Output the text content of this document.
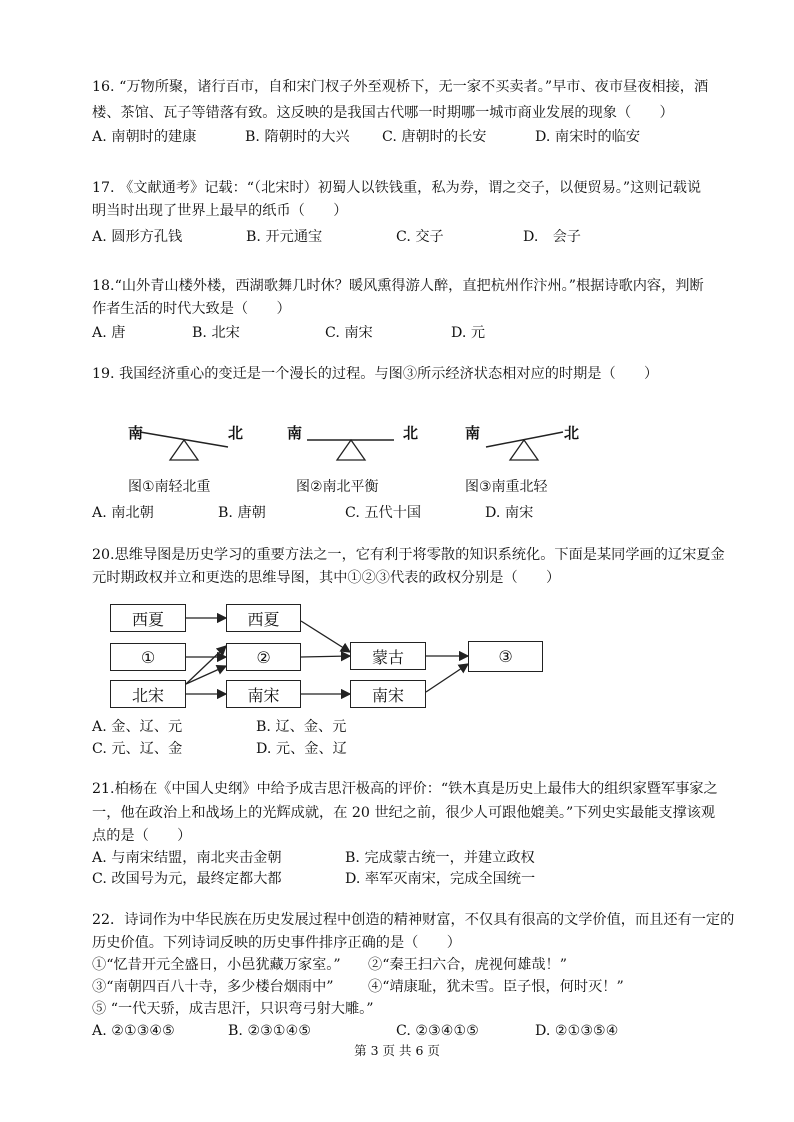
16. “万物所聚，诸行百市，自和宋门杈子外至观桥下，无一家不买卖者。”早市、夜市昼夜相接，酒
楼、茶馆、瓦子等错落有致。这反映的是我国古代哪一时期哪一城市商业发展的现象（　　）
A. 南朝时的建康	B. 隋朝时的大兴 C. 唐朝时的长安	D. 南宋时的临安
17. 《文献通考》记载：“（北宋时）初蜀人以铁钱重，私为券，谓之交子，以便贸易。”这则记载说
明当时出现了世界上最早的纸币（　　）
A. 圆形方孔钱	B. 开元通宝	C. 交子	D.　会子
18.“山外青山楼外楼，西湖歌舞几时休？暖风熏得游人醉，直把杭州作汴州。”根据诗歌内容，判断
作者生活的时代大致是（　　）
A. 唐	B. 北宋	C. 南宋	D. 元
19. 我国经济重心的变迁是一个漫长的过程。与图③所示经济状态相对应的时期是（　　）
南	北
图①南轻北重
南	北
图②南北平衡
南	北
图③南重北轻
A. 南北朝	B. 唐朝	C. 五代十国	D. 南宋
20.思维导图是历史学习的重要方法之一，它有利于将零散的知识系统化。下面是某同学画的辽宋夏金
元时期政权并立和更迭的思维导图，其中①②③代表的政权分别是（　　）
西夏
①
北宋
西夏
②
南宋
蒙古
南宋
③
A. 金、辽、元	B. 辽、金、元
C. 元、辽、金	D. 元、金、辽
21.柏杨在《中国人史纲》中给予成吉思汗极高的评价：“铁木真是历史上最伟大的组织家暨军事家之
一，他在政治上和战场上的光辉成就，在 20 世纪之前，很少人可跟他媲美。”下列史实最能支撑该观
点的是（　　）
A. 与南宋结盟，南北夹击金朝	B. 完成蒙古统一，并建立政权
C. 改国号为元，最终定都大都	D. 率军灭南宋，完成全国统一
22．诗词作为中华民族在历史发展过程中创造的精神财富，不仅具有很高的文学价值，而且还有一定的
历史价值。下列诗词反映的历史事件排序正确的是（　　）
①“忆昔开元全盛日，小邑犹藏万家室。” ②“秦王扫六合，虎视何雄哉！”
③“南朝四百八十寺，多少楼台烟雨中” ④“靖康耻，犹未雪。臣子恨，何时灭！”
⑤ “一代天骄，成吉思汗，只识弯弓射大雕。”
A. ②①③④⑤	B. ②③①④⑤	C. ②③④①⑤	D. ②①③⑤④
第 3 页 共 6 页
